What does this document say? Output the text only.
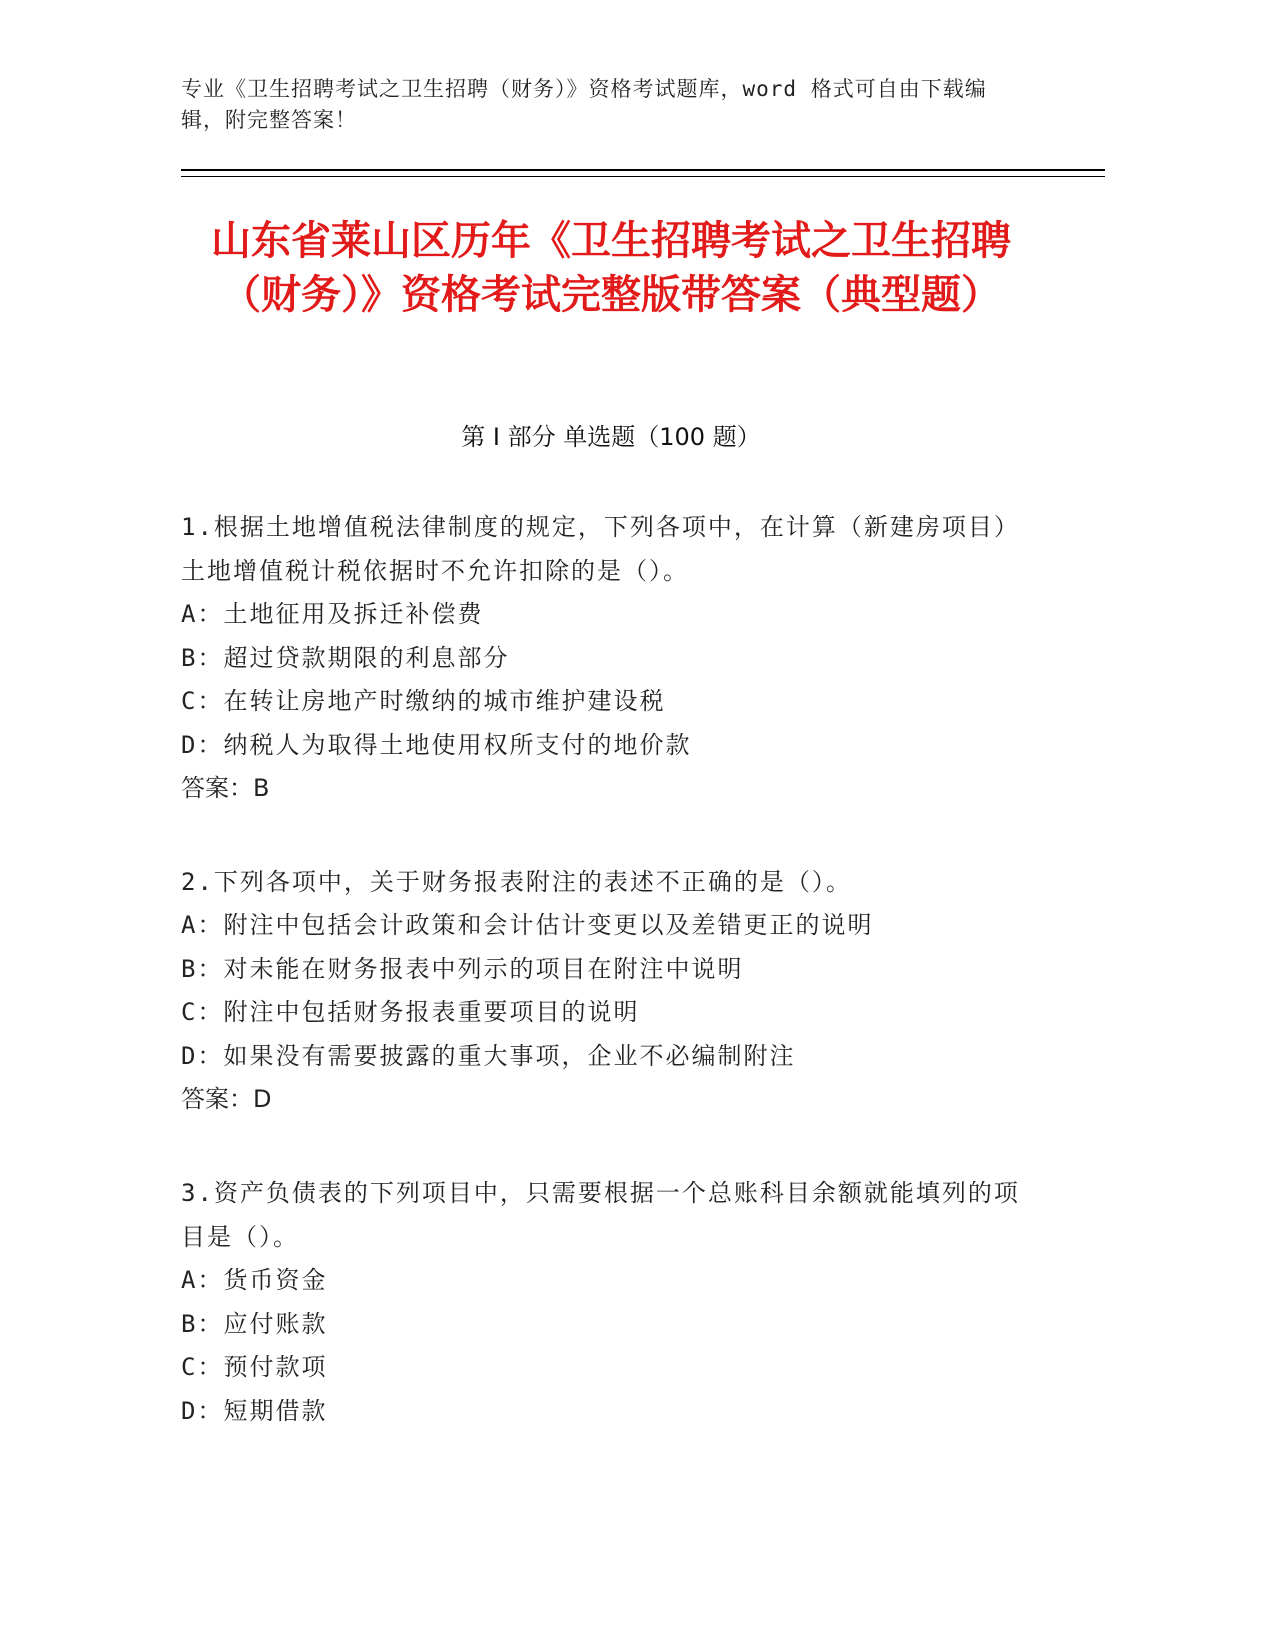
专业《卫生招聘考试之卫生招聘（财务）》资格考试题库，word 格式可自由下载编辑，附完整答案！
山东省莱山区历年《卫生招聘考试之卫生招聘（财务）》资格考试完整版带答案（典型题）
第 I 部分 单选题（100 题）
1.根据土地增值税法律制度的规定，下列各项中，在计算（新建房项目）土地增值税计税依据时不允许扣除的是（）。
A：土地征用及拆迁补偿费
B：超过贷款期限的利息部分
C：在转让房地产时缴纳的城市维护建设税
D：纳税人为取得土地使用权所支付的地价款
答案：B
2.下列各项中，关于财务报表附注的表述不正确的是（）。
A：附注中包括会计政策和会计估计变更以及差错更正的说明
B：对未能在财务报表中列示的项目在附注中说明
C：附注中包括财务报表重要项目的说明
D：如果没有需要披露的重大事项，企业不必编制附注
答案：D
3.资产负债表的下列项目中，只需要根据一个总账科目余额就能填列的项目是（）。
A：货币资金
B：应付账款
C：预付款项
D：短期借款
